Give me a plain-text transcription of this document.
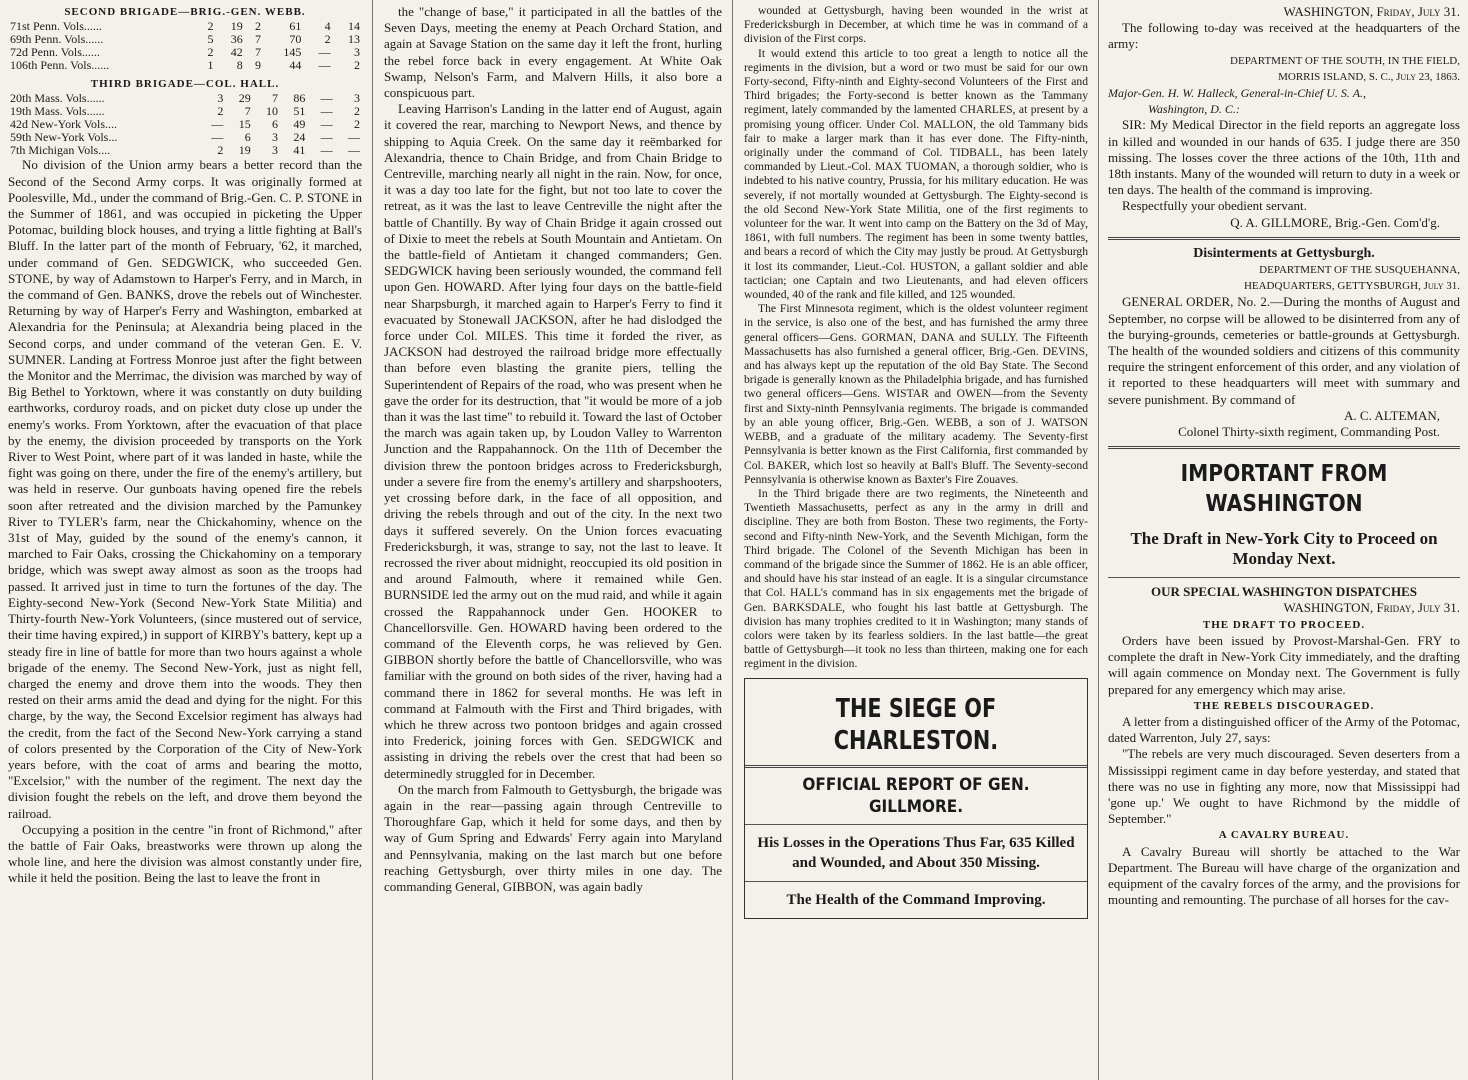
SECOND BRIGADE—BRIG.-GEN. WEBB.
71st Penn. Vols......	2	19	2	61	4	14
69th Penn. Vols......	5	36	7	70	2	13
72d Penn. Vols......	2	42	7	145	—	3
106th Penn. Vols......	1	8	9	44	—	2
THIRD BRIGADE—COL. HALL.
20th Mass. Vols......	3	29	7	86	—	3
19th Mass. Vols......	2	7	10	51	—	2
42d New-York Vols....	—	15	6	49	—	2
59th New-York Vols...	—	6	3	24	—	—
7th Michigan Vols....	2	19	3	41	—	—

No division of the Union army bears a better record than the Second of the Second Army corps. It was originally formed at Poolesville, Md., under the command of Brig.-Gen. C. P. STONE in the Summer of 1861, and was occupied in picketing the Upper Potomac, building block houses, and trying a little fighting at Ball's Bluff. In the latter part of the month of February, '62, it marched, under command of Gen. SEDGWICK, who succeeded Gen. STONE, by way of Adamstown to Harper's Ferry, and in March, in the command of Gen. BANKS, drove the rebels out of Winchester. Returning by way of Harper's Ferry and Washington, embarked at Alexandria for the Peninsula; at Alexandria being placed in the Second corps, and under command of the veteran Gen. E. V. SUMNER. Landing at Fortress Monroe just after the fight between the Monitor and the Merrimac, the division was marched by way of Big Bethel to Yorktown, where it was constantly on duty building earthworks, corduroy roads, and on picket duty close up under the enemy's works. From Yorktown, after the evacuation of that place by the enemy, the division proceeded by transports on the York River to West Point, where part of it was landed in haste, while the fight was going on there, under the fire of the enemy's artillery, but was held in reserve. Our gunboats having opened fire the rebels soon after retreated and the division marched by the Pamunkey River to TYLER's farm, near the Chickahominy, whence on the 31st of May, guided by the sound of the enemy's cannon, it marched to Fair Oaks, crossing the Chickahominy on a temporary bridge, which was swept away almost as soon as the troops had passed. It arrived just in time to turn the fortunes of the day. The Eighty-second New-York (Second New-York State Militia) and Thirty-fourth New-York Volunteers, (since mustered out of service, their time having expired,) in support of KIRBY's battery, kept up a steady fire in line of battle for more than two hours against a whole brigade of the enemy. The Second New-York, just as night fell, charged the enemy and drove them into the woods. They then rested on their arms amid the dead and dying for the night. For this charge, by the way, the Second Excelsior regiment has always had the credit, from the fact of the Second New-York carrying a stand of colors presented by the Corporation of the City of New-York years before, with the coat of arms and bearing the motto, "Excelsior," with the number of the regiment. The next day the division fought the rebels on the left, and drove them beyond the railroad.

Occupying a position in the centre "in front of Richmond," after the battle of Fair Oaks, breastworks were thrown up along the whole line, and here the division was almost constantly under fire, while it held the position. Being the last to leave the front in

the "change of base," it participated in all the battles of the Seven Days, meeting the enemy at Peach Orchard Station, and again at Savage Station on the same day it left the front, hurling the rebel force back in every engagement. At White Oak Swamp, Nelson's Farm, and Malvern Hills, it also bore a conspicuous part.

Leaving Harrison's Landing in the latter end of August, again it covered the rear, marching to Newport News, and thence by shipping to Aquia Creek. On the same day it reëmbarked for Alexandria, thence to Chain Bridge, and from Chain Bridge to Centreville, marching nearly all night in the rain. Now, for once, it was a day too late for the fight, but not too late to cover the retreat, as it was the last to leave Centreville the night after the battle of Chantilly. By way of Chain Bridge it again crossed out of Dixie to meet the rebels at South Mountain and Antietam. On the battle-field of Antietam it changed commanders; Gen. SEDGWICK having been seriously wounded, the command fell upon Gen. HOWARD. After lying four days on the battle-field near Sharpsburgh, it marched again to Harper's Ferry to find it evacuated by Stonewall JACKSON, after he had dislodged the force under Col. MILES. This time it forded the river, as JACKSON had destroyed the railroad bridge more effectually than before even blasting the granite piers, telling the Superintendent of Repairs of the road, who was present when he gave the order for its destruction, that "it would be more of a job than it was the last time" to rebuild it. Toward the last of October the march was again taken up, by Loudon Valley to Warrenton Junction and the Rappahannock. On the 11th of December the division threw the pontoon bridges across to Fredericksburgh, under a severe fire from the enemy's artillery and sharpshooters, yet crossing before dark, in the face of all opposition, and driving the rebels through and out of the city. In the next two days it suffered severely. On the Union forces evacuating Fredericksburgh, it was, strange to say, not the last to leave. It recrossed the river about midnight, reoccupied its old position in and around Falmouth, where it remained while Gen. BURNSIDE led the army out on the mud raid, and while it again crossed the Rappahannock under Gen. HOOKER to Chancellorsville. Gen. HOWARD having been ordered to the command of the Eleventh corps, he was relieved by Gen. GIBBON shortly before the battle of Chancellorsville, who was familiar with the ground on both sides of the river, having had a command there in 1862 for several months. He was left in command at Falmouth with the First and Third brigades, with which he threw across two pontoon bridges and again crossed into Frederick, joining forces with Gen. SEDGWICK and assisting in driving the rebels over the crest that had been so determinedly struggled for in December.

On the march from Falmouth to Gettysburgh, the brigade was again in the rear—passing again through Centreville to Thoroughfare Gap, which it held for some days, and then by way of Gum Spring and Edwards' Ferry again into Maryland and Pennsylvania, making on the last march but one before reaching Gettysburgh, over thirty miles in one day. The commanding General, GIBBON, was again badly

wounded at Gettysburgh, having been wounded in the wrist at Fredericksburgh in December, at which time he was in command of a division of the First corps.

It would extend this article to too great a length to notice all the regiments in the division, but a word or two must be said for our own Forty-second, Fifty-ninth and Eighty-second Volunteers of the First and Third brigades; the Forty-second is better known as the Tammany regiment, lately commanded by the lamented CHARLES, at present by a promising young officer. Under Col. MALLON, the old Tammany bids fair to make a larger mark than it has ever done. The Fifty-ninth, originally under the command of Col. TIDBALL, has been lately commanded by Lieut.-Col. MAX TUOMAN, a thorough soldier, who is indebted to his native country, Prussia, for his military education. He was severely, if not mortally wounded at Gettysburgh. The Eighty-second is the old Second New-York State Militia, one of the first regiments to volunteer for the war. It went into camp on the Battery on the 3d of May, 1861, with full numbers. The regiment has been in some twenty battles, and bears a record of which the City may justly be proud. At Gettysburgh it lost its commander, Lieut.-Col. HUSTON, a gallant soldier and able tactician; one Captain and two Lieutenants, and had eleven officers wounded, 40 of the rank and file killed, and 125 wounded.

The First Minnesota regiment, which is the oldest volunteer regiment in the service, is also one of the best, and has furnished the army three general officers—Gens. GORMAN, DANA and SULLY. The Fifteenth Massachusetts has also furnished a general officer, Brig.-Gen. DEVINS, and has always kept up the reputation of the old Bay State. The Second brigade is generally known as the Philadelphia brigade, and has furnished two general officers—Gens. WISTAR and OWEN—from the Seventy first and Sixty-ninth Pennsylvania regiments. The brigade is commanded by an able young officer, Brig.-Gen. WEBB, a son of J. WATSON WEBB, and a graduate of the military academy. The Seventy-first Pennsylvania is better known as the First California, first commanded by Col. BAKER, which lost so heavily at Ball's Bluff. The Seventy-second Pennsylvania is otherwise known as Baxter's Fire Zouaves.

In the Third brigade there are two regiments, the Nineteenth and Twentieth Massachusetts, perfect as any in the army in drill and discipline. They are both from Boston. These two regiments, the Forty-second and Fifty-ninth New-York, and the Seventh Michigan, form the Third brigade. The Colonel of the Seventh Michigan has been in command of the brigade since the Summer of 1862. He is an able officer, and should have his star instead of an eagle. It is a singular circumstance that Col. HALL's command has in six engagements met the brigade of Gen. BARKSDALE, who fought his last battle at Gettysburgh. The division has many trophies credited to it in Washington; many stands of colors were taken by its fearless soldiers. In the last battle—the great battle of Gettysburgh—it took no less than thirteen, making one for each regiment in the division.

THE SIEGE OF CHARLESTON.
OFFICIAL REPORT OF GEN. GILLMORE.
His Losses in the Operations Thus Far, 635 Killed and Wounded, and About 350 Missing.
The Health of the Command Improving.
WASHINGTON, Friday, July 31.

The following to-day was received at the headquarters of the army:

DEPARTMENT OF THE SOUTH, IN THE FIELD,
MORRIS ISLAND, S. C., July 23, 1863.
Major-Gen. H. W. Halleck, General-in-Chief U. S. A.,
Washington, D. C.:

SIR: My Medical Director in the field reports an aggregate loss in killed and wounded in our hands of 635. I judge there are 350 missing. The losses cover the three actions of the 10th, 11th and 18th instants. Many of the wounded will return to duty in a week or ten days. The health of the command is improving.

Respectfully your obedient servant.

Q. A. GILLMORE, Brig.-Gen. Com'd'g.
Disinterments at Gettysburgh.
DEPARTMENT OF THE SUSQUEHANNA,
HEADQUARTERS, GETTYSBURGH, July 31.

GENERAL ORDER, No. 2.—During the months of August and September, no corpse will be allowed to be disinterred from any of the burying-grounds, cemeteries or battle-grounds at Gettysburgh. The health of the wounded soldiers and citizens of this community require the stringent enforcement of this order, and any violation of it reported to these headquarters will meet with summary and severe punishment. By command of

A. C. ALTEMAN,
Colonel Thirty-sixth regiment, Commanding Post.
IMPORTANT FROM WASHINGTON
The Draft in New-York City to Proceed on Monday Next.
OUR SPECIAL WASHINGTON DISPATCHES
WASHINGTON, Friday, July 31.
THE DRAFT TO PROCEED.

Orders have been issued by Provost-Marshal-Gen. FRY to complete the draft in New-York City immediately, and the drafting will again commence on Monday next. The Government is fully prepared for any emergency which may arise.

THE REBELS DISCOURAGED.

A letter from a distinguished officer of the Army of the Potomac, dated Warrenton, July 27, says:

"The rebels are very much discouraged. Seven deserters from a Mississippi regiment came in day before yesterday, and stated that there was no use in fighting any more, now that Mississippi had 'gone up.' We ought to have Richmond by the middle of September."

A CAVALRY BUREAU.

A Cavalry Bureau will shortly be attached to the War Department. The Bureau will have charge of the organization and equipment of the cavalry forces of the army, and the provisions for mounting and remounting. The purchase of all horses for the cav-
